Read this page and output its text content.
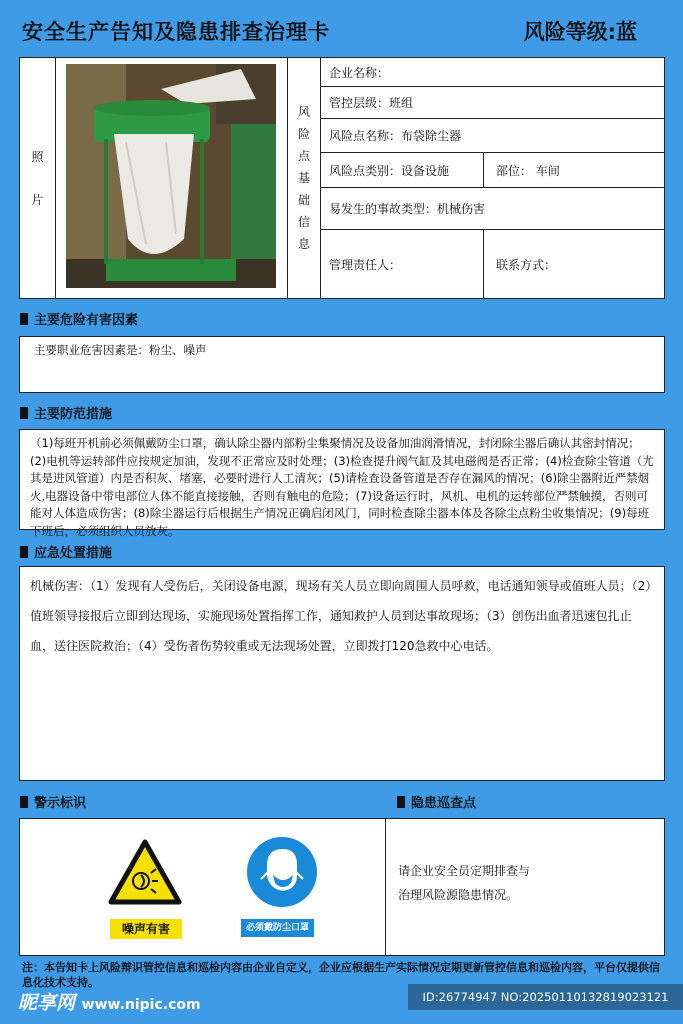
安全生产告知及隐患排查治理卡	风险等级:蓝
照
片
风
险
点
基
础
信
息
企业名称：
管控层级：班组
风险点名称：布袋除尘器
风险点类别：设备设施	部位： 车间
易发生的事故类型：机械伤害
管理责任人：	联系方式：
主要危险有害因素
主要职业危害因素是：粉尘、噪声
主要防范措施
（1)每班开机前必须佩戴防尘口罩，确认除尘器内部粉尘集聚情况及设备加油润滑情况，封闭除尘器后确认其密封情况；(2)电机等运转部件应按规定加油，发现不正常应及时处理；(3)检查提升阀气缸及其电磁阀是否正常；(4)检查除尘管道（尤其是进风管道）内是否积灰、堵塞，必要时进行人工清灰；(5)请检查设备管道是否存在漏风的情况；(6)除尘器附近严禁烟火,电器设备中带电部位人体不能直接接触，否则有触电的危险；(7)设备运行时，风机、电机的运转部位严禁触摸，否则可能对人体造成伤害；(8)除尘器运行后根据生产情况正确启闭风门，同时检查除尘器本体及各除尘点粉尘收集情况；(9)每班下班后，必须组织人员放灰。
应急处置措施
机械伤害：（1）发现有人受伤后，关闭设备电源，现场有关人员立即向周围人员呼救，电话通知领导或值班人员；（2）值班领导接报后立即到达现场，实施现场处置指挥工作，通知救护人员到达事故现场；（3）创伤出血者迅速包扎止血，送往医院救治；（4）受伤者伤势较重或无法现场处置，立即拨打120急救中心电话。
警示标识	隐患巡查点
噪声有害	必须戴防尘口罩
请企业安全员定期排查与
治理风险源隐患情况。
注：本告知卡上风险辩识管控信息和巡检内容由企业自定义，企业应根据生产实际情况定期更新管控信息和巡检内容，平台仅提供信息化技术支持。
昵享网 www.nipic.com	ID:26774947 NO:20250110132819023121
